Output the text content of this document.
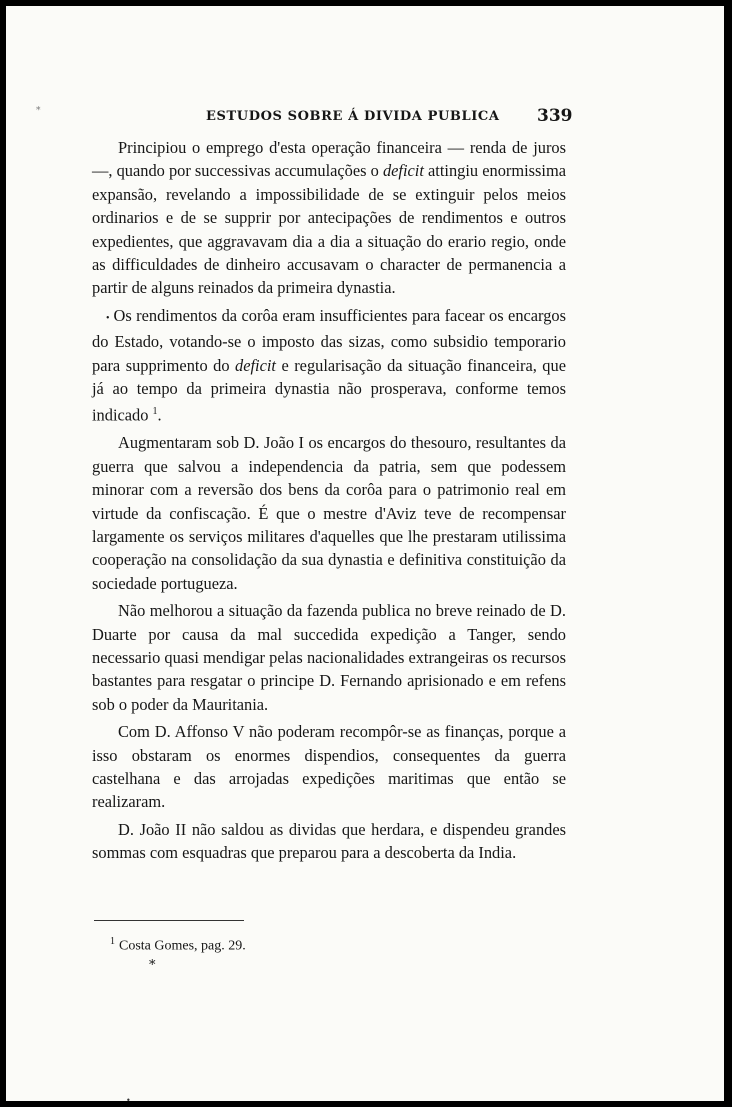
*	ESTUDOS SOBRE Á DIVIDA PUBLICA 339

Principiou o emprego d'esta operação financeira — renda de juros —, quando por successivas accumulações o deficit attingiu enormissima expansão, revelando a impossibilidade de se extinguir pelos meios ordinarios e de se supprir por antecipações de rendimentos e outros expedientes, que aggravavam dia a dia a situação do erario regio, onde as difficuldades de dinheiro accusavam o character de permanencia a partir de alguns reinados da primeira dynastia.

• Os rendimentos da corôa eram insufficientes para facear os encargos do Estado, votando-se o imposto das sizas, como subsidio temporario para supprimento do deficit e regularisação da situação financeira, que já ao tempo da primeira dynastia não prosperava, conforme temos indicado $^1$.

Augmentaram sob D. João I os encargos do thesouro, resultantes da guerra que salvou a independencia da patria, sem que podessem minorar com a reversão dos bens da corôa para o patrimonio real em virtude da confiscação. É que o mestre d'Aviz teve de recompensar largamente os serviços militares d'aquelles que lhe prestaram utilissima cooperação na consolidação da sua dynastia e definitiva constituição da sociedade portugueza.

Não melhorou a situação da fazenda publica no breve reinado de D. Duarte por causa da mal succedida expedição a Tanger, sendo necessario quasi mendigar pelas nacionalidades extrangeiras os recursos bastantes para resgatar o principe D. Fernando aprisionado e em refens sob o poder da Mauritania.

Com D. Affonso V não poderam recompôr-se as finanças, porque a isso obstaram os enormes dispendios, consequentes da guerra castelhana e das arrojadas expedições maritimas que então se realizaram.

D. João II não saldou as dividas que herdara, e dispendeu grandes sommas com esquadras que preparou para a descoberta da India.

$^1$ Costa Gomes, pag. 29.
*
•
